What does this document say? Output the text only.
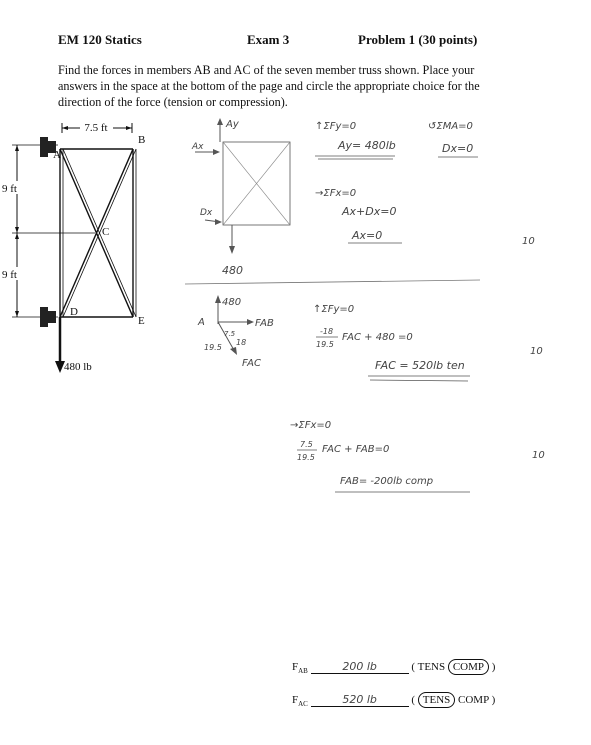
EM 120 Statics	Exam 3	Problem 1 (30 points)
Find the forces in members AB and AC of the seven member truss shown. Place your answers in the space at the bottom of the page and circle the appropriate choice for the direction of the force (tension or compression).
7.5 ft
9 ft
9 ft
A
B
C
D
E
480 lb
Ay
Ax
Dx
480
↑ΣFy=0
Ay= 480lb
↺ΣMA=0
Dx=0
→ΣFx=0
Ax+Dx=0
Ax=0	10
480
A	FAB
FAC
7.5
19.5
18
↑ΣFy=0
-18
19.5
FAC + 480 =0
FAC = 520lb ten
10
→ΣFx=0
7.5
19.5
FAC + FAB=0
FAB= -200lb comp
10
$F_{AB}$	200 lb	( TENS COMP )
$F_{AC}$	520 lb	( TENS COMP )
